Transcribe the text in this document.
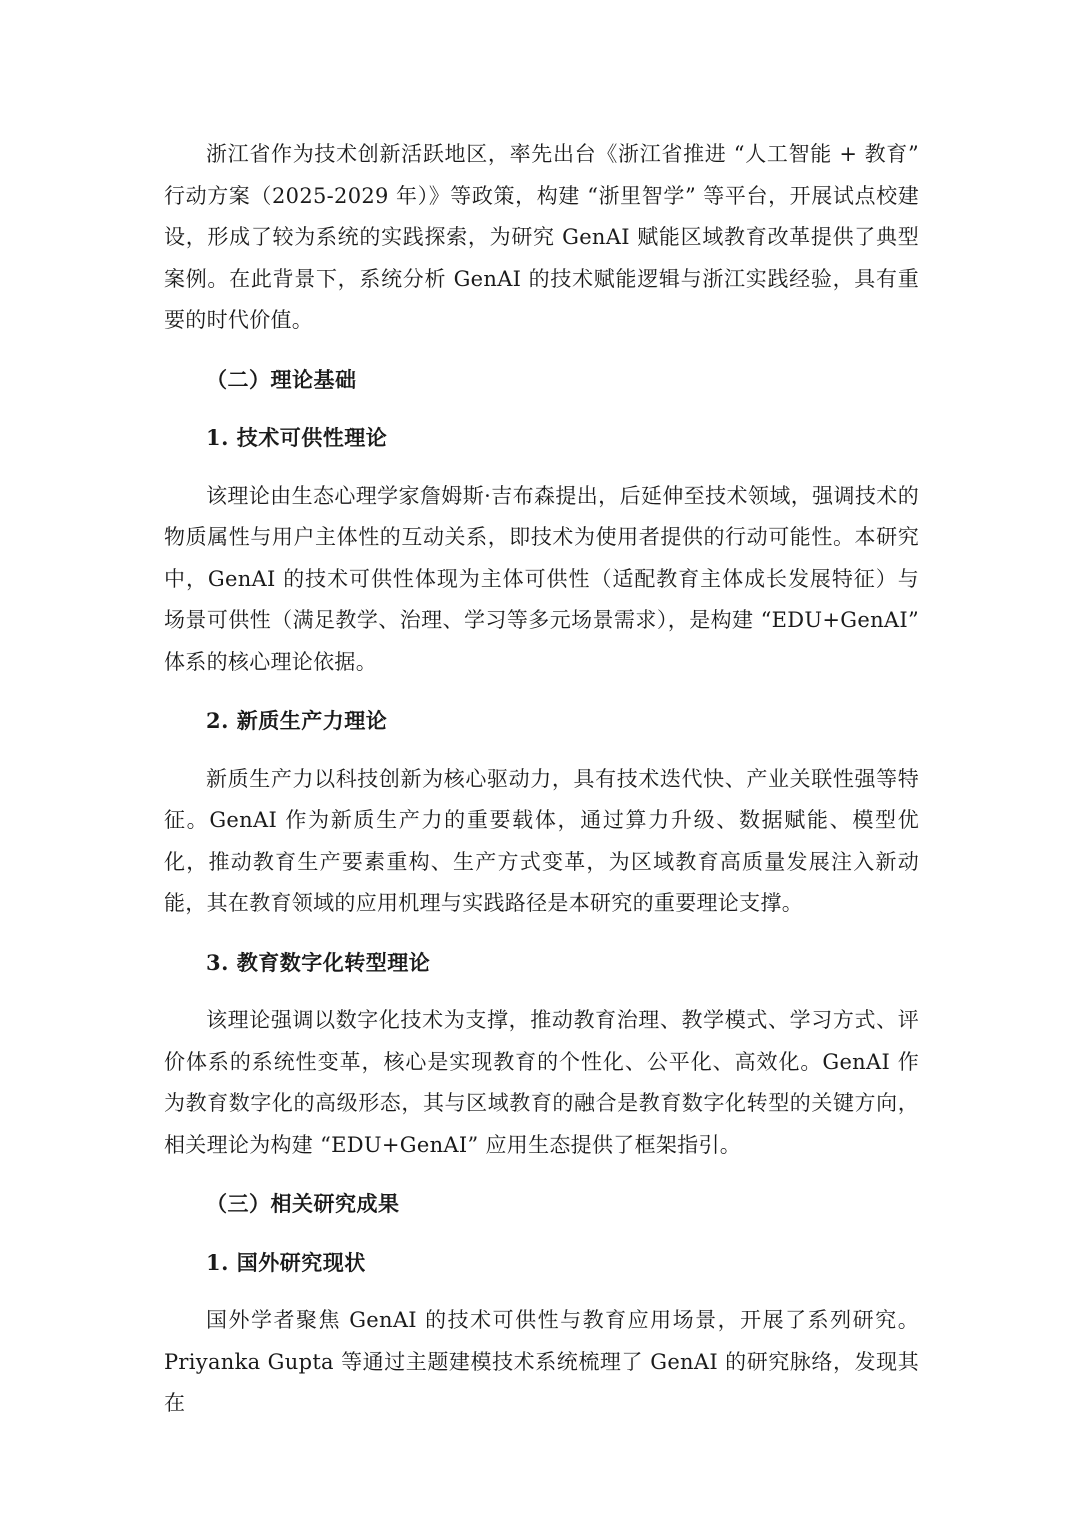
浙江省作为技术创新活跃地区，率先出台《浙江省推进 “人工智能 + 教育” 行动方案（2025-2029 年）》等政策，构建 “浙里智学” 等平台，开展试点校建设，形成了较为系统的实践探索，为研究 GenAI 赋能区域教育改革提供了典型案例。在此背景下，系统分析 GenAI 的技术赋能逻辑与浙江实践经验，具有重要的时代价值。

（二）理论基础

1. 技术可供性理论

该理论由生态心理学家詹姆斯·吉布森提出，后延伸至技术领域，强调技术的物质属性与用户主体性的互动关系，即技术为使用者提供的行动可能性。本研究中，GenAI 的技术可供性体现为主体可供性（适配教育主体成长发展特征）与场景可供性（满足教学、治理、学习等多元场景需求），是构建 “EDU+GenAI” 体系的核心理论依据。

2. 新质生产力理论

新质生产力以科技创新为核心驱动力，具有技术迭代快、产业关联性强等特征。GenAI 作为新质生产力的重要载体，通过算力升级、数据赋能、模型优化，推动教育生产要素重构、生产方式变革，为区域教育高质量发展注入新动能，其在教育领域的应用机理与实践路径是本研究的重要理论支撑。

3. 教育数字化转型理论

该理论强调以数字化技术为支撑，推动教育治理、教学模式、学习方式、评价体系的系统性变革，核心是实现教育的个性化、公平化、高效化。GenAI 作为教育数字化的高级形态，其与区域教育的融合是教育数字化转型的关键方向，相关理论为构建 “EDU+GenAI” 应用生态提供了框架指引。

（三）相关研究成果

1. 国外研究现状

国外学者聚焦 GenAI 的技术可供性与教育应用场景，开展了系列研究。Priyanka Gupta 等通过主题建模技术系统梳理了 GenAI 的研究脉络，发现其在
